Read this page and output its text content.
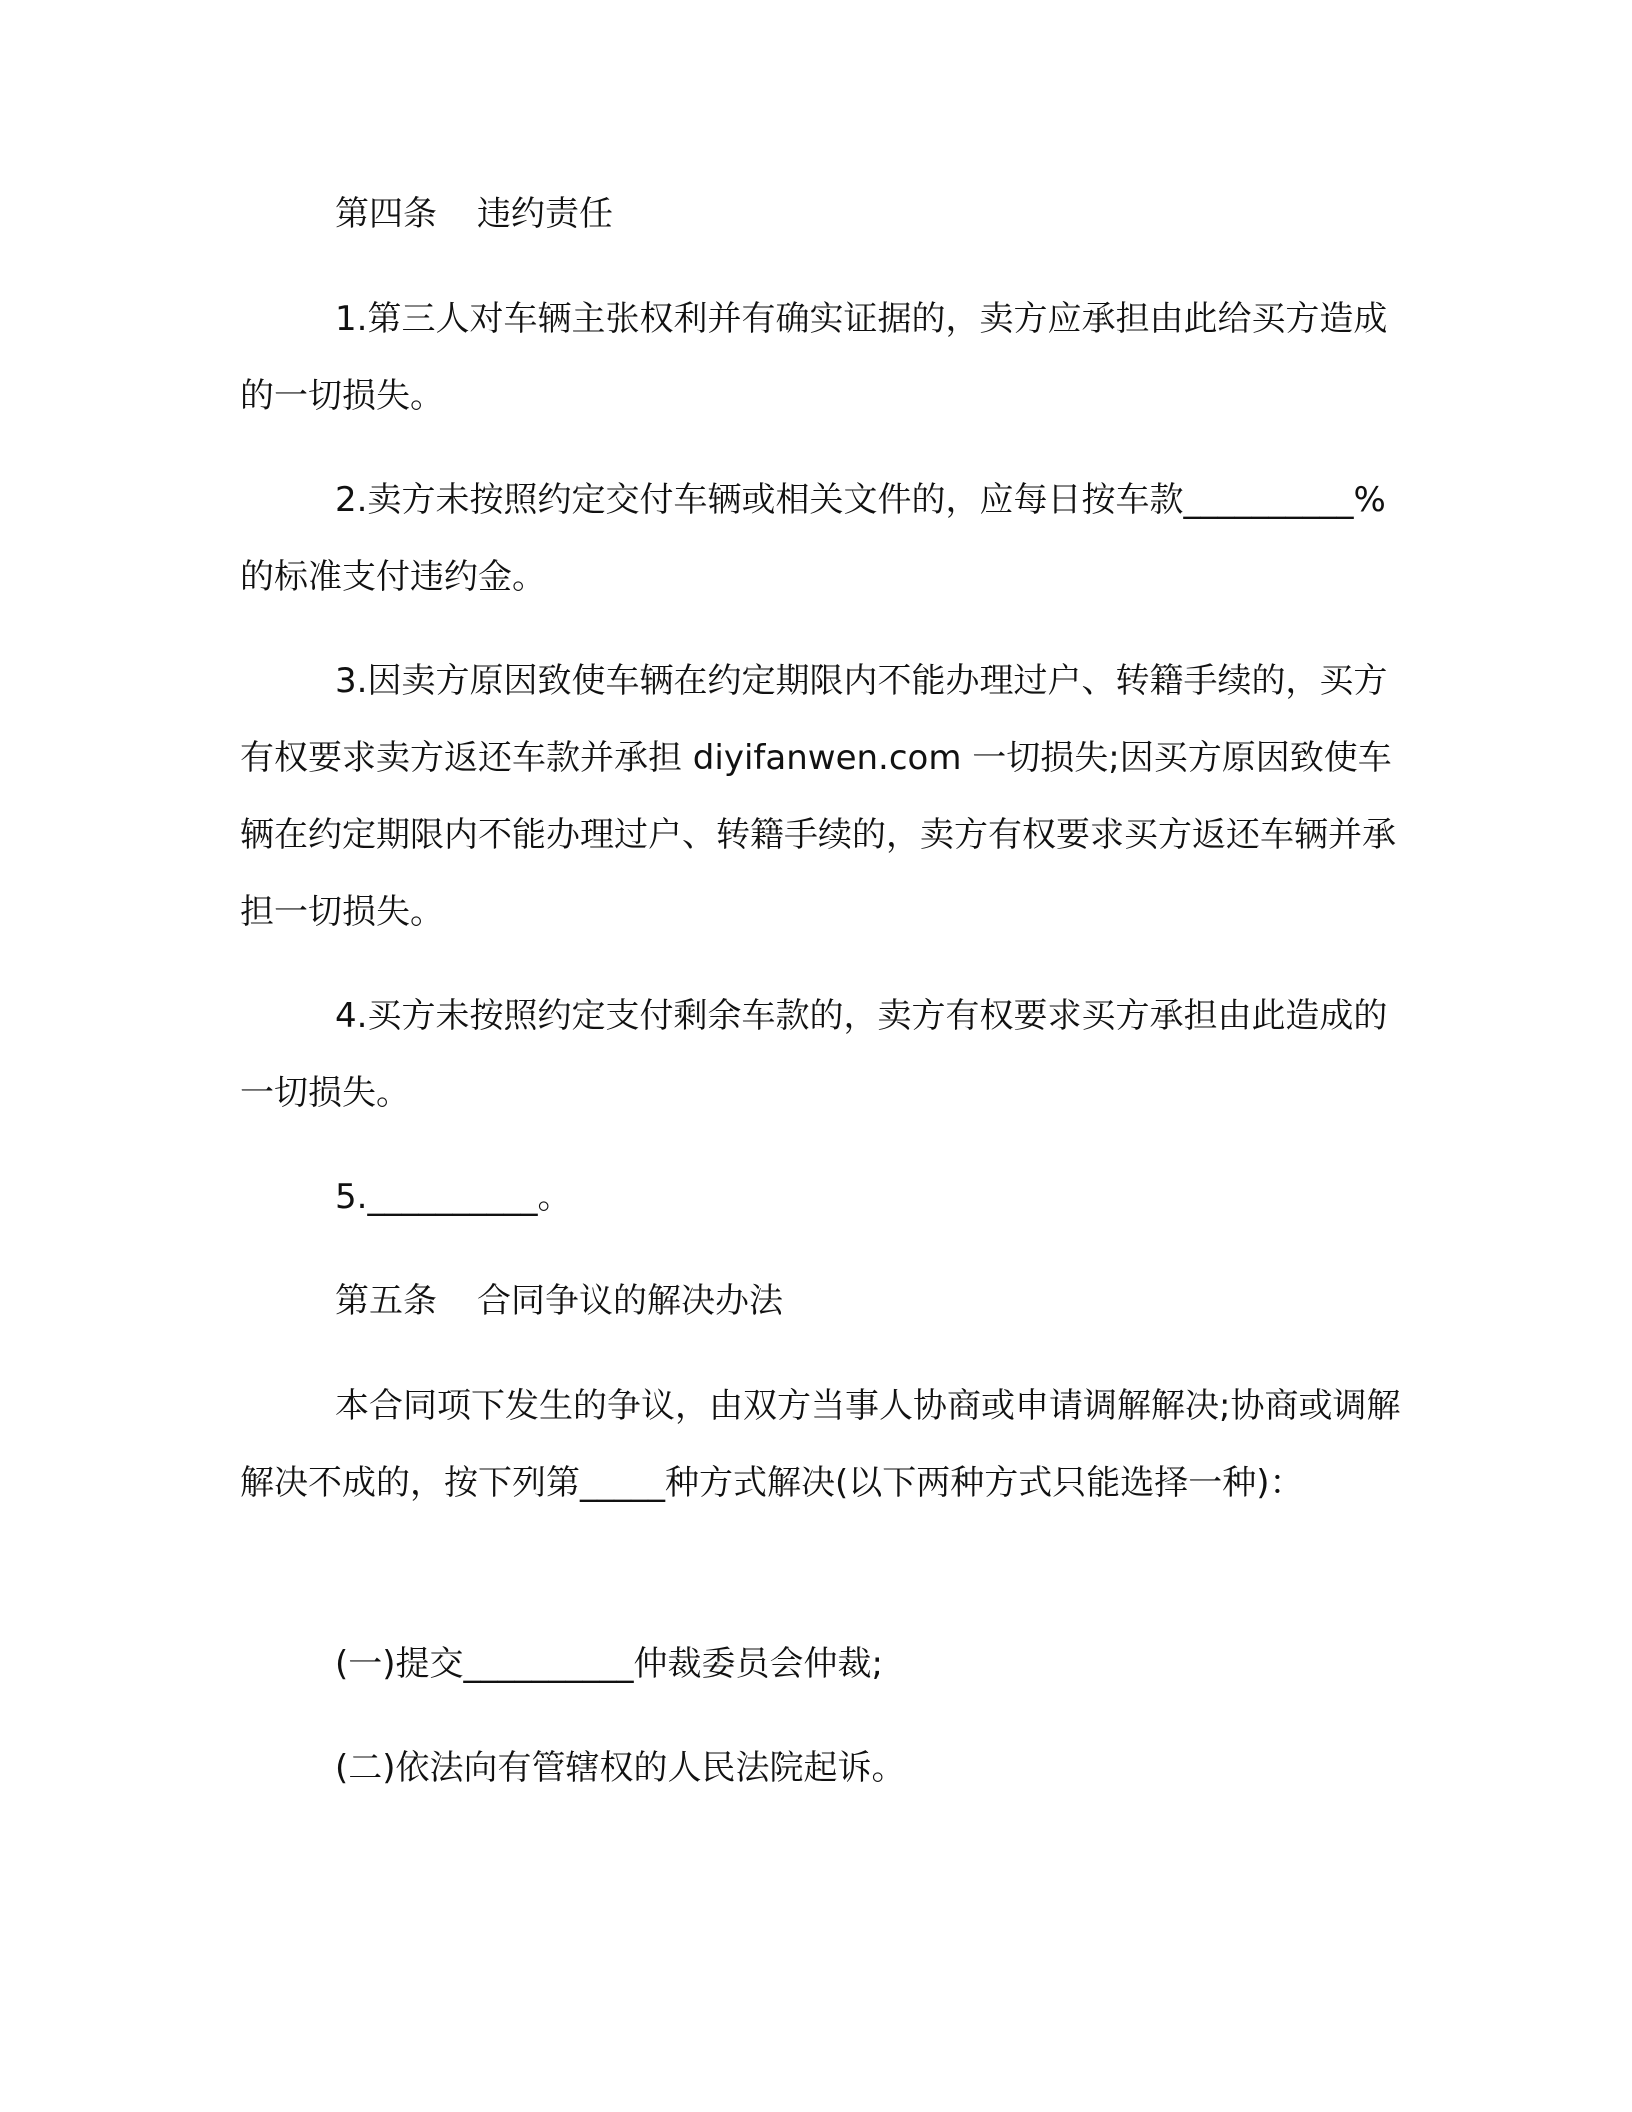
第四条 违约责任

1.第三人对车辆主张权利并有确实证据的，卖方应承担由此给买方造成的一切损失。

2.卖方未按照约定交付车辆或相关文件的，应每日按车款__________%的标准支付违约金。

3.因卖方原因致使车辆在约定期限内不能办理过户、转籍手续的，买方有权要求卖方返还车款并承担 diyifanwen.com 一切损失;因买方原因致使车辆在约定期限内不能办理过户、转籍手续的，卖方有权要求买方返还车辆并承担一切损失。

4.买方未按照约定支付剩余车款的，卖方有权要求买方承担由此造成的一切损失。

5.__________。

第五条 合同争议的解决办法

本合同项下发生的争议，由双方当事人协商或申请调解解决;协商或调解解决不成的，按下列第_____种方式解决(以下两种方式只能选择一种)：

(一)提交__________仲裁委员会仲裁;

(二)依法向有管辖权的人民法院起诉。
